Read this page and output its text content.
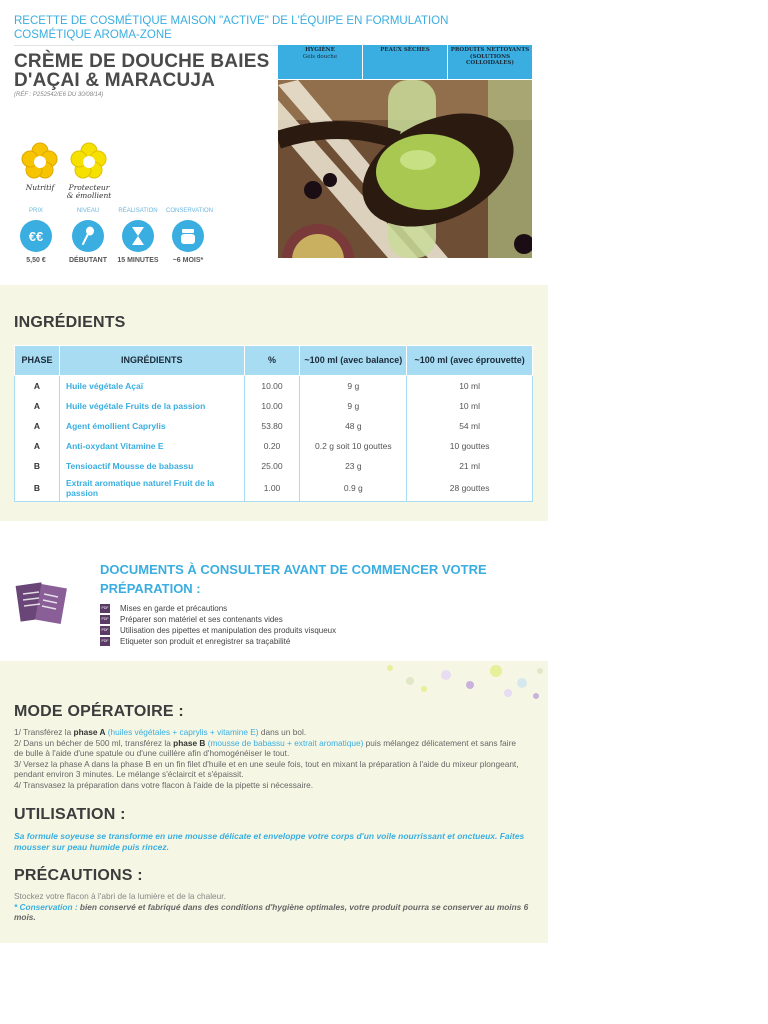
RECETTE DE COSMÉTIQUE MAISON "ACTIVE" DE L'ÉQUIPE EN FORMULATION COSMÉTIQUE AROMA-ZONE
CRÈME DE DOUCHE BAIES
D'AÇAI & MARACUJA
(RÉF : P252542/E6 DU 30/08/14)
Nutritif	Protecteur
& émollient
PRIX
€€
5,50 €
NIVEAU
DÉBUTANT
RÉALISATION
15 MINUTES
CONSERVATION
~6 MOIS*
HYGIÈNE
Gels douche
PEAUX SÈCHES	PRODUITS NETTOYANTS (SOLUTIONS COLLOIDALES)
INGRÉDIENTS
PHASE	INGRÉDIENTS	%	~100 ml (avec balance)	~100 ml (avec éprouvette)
A	Huile végétale Açaï	10.00	9 g	10 ml
A	Huile végétale Fruits de la passion	10.00	9 g	10 ml
A	Agent émollient Caprylis	53.80	48 g	54 ml
A	Anti-oxydant Vitamine E	0.20	0.2 g soit 10 gouttes	10 gouttes
B	Tensioactif Mousse de babassu	25.00	23 g	21 ml
B	Extrait aromatique naturel Fruit de la passion	1.00	0.9 g	28 gouttes
DOCUMENTS À CONSULTER AVANT DE COMMENCER VOTRE PRÉPARATION :
PDF Mises en garde et précautions
PDF Préparer son matériel et ses contenants vides
PDF Utilisation des pipettes et manipulation des produits visqueux
PDF Etiqueter son produit et enregistrer sa traçabilité
MODE OPÉRATOIRE :
1/ Transférez la phase A (huiles végétales + caprylis + vitamine E) dans un bol.
2/ Dans un bécher de 500 ml, transférez la phase B (mousse de babassu + extrait aromatique) puis mélangez délicatement et sans faire de bulle à l'aide d'une spatule ou d'une cuillère afin d'homogénéiser le tout.
3/ Versez la phase A dans la phase B en un fin filet d'huile et en une seule fois, tout en mixant la préparation à l'aide du mixeur plongeant, pendant environ 3 minutes. Le mélange s'éclaircit et s'épaissit.
4/ Transvasez la préparation dans votre flacon à l'aide de la pipette si nécessaire.
UTILISATION :
Sa formule soyeuse se transforme en une mousse délicate et enveloppe votre corps d'un voile nourrissant et onctueux. Faites mousser sur peau humide puis rincez.
PRÉCAUTIONS :
Stockez votre flacon à l'abri de la lumière et de la chaleur.
* Conservation : bien conservé et fabriqué dans des conditions d'hygiène optimales, votre produit pourra se conserver au moins 6 mois.
